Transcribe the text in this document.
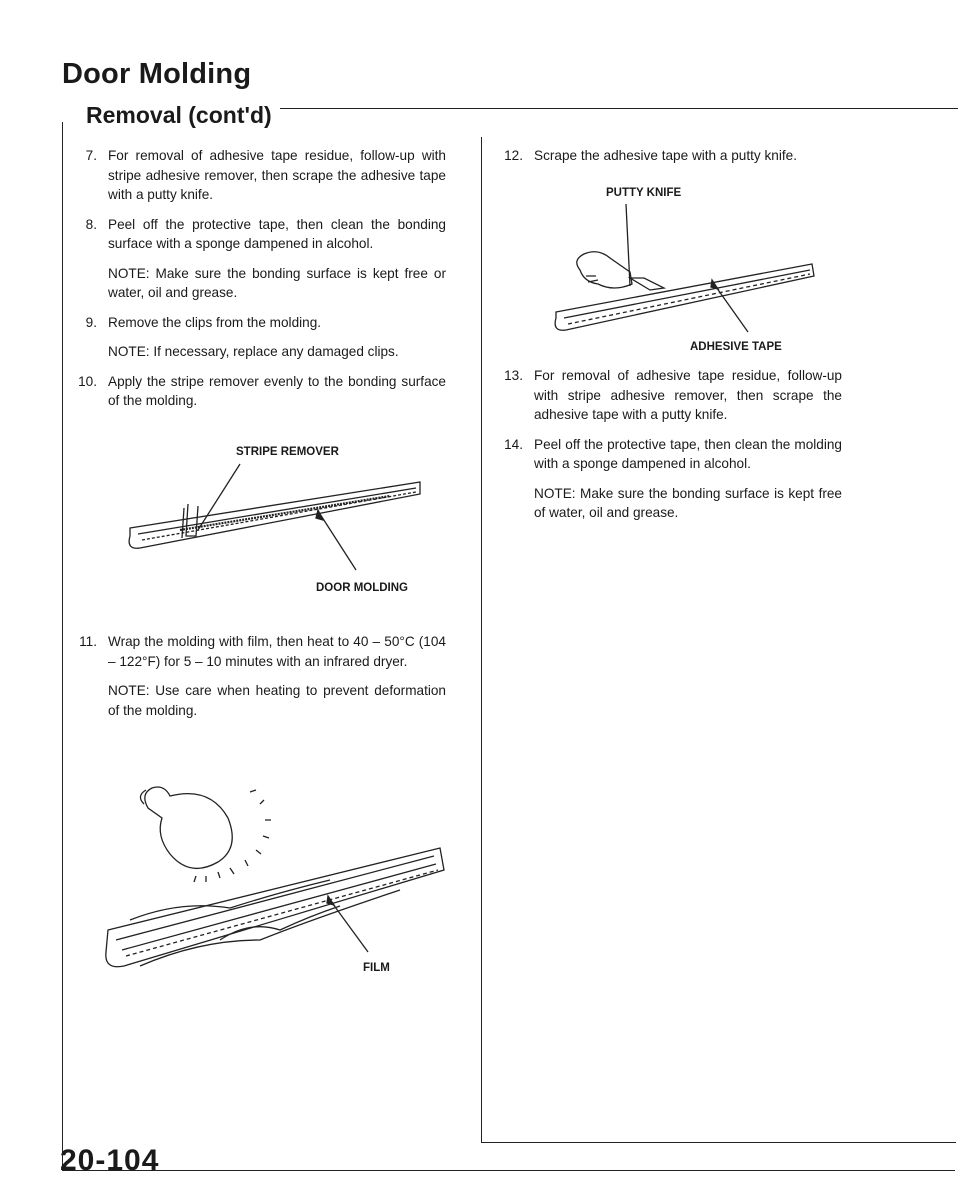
Door Molding
Removal (cont'd)
7. For removal of adhesive tape residue, follow-up with stripe adhesive remover, then scrape the adhesive tape with a putty knife.
8. Peel off the protective tape, then clean the bonding surface with a sponge dampened in alcohol.
NOTE: Make sure the bonding surface is kept free or water, oil and grease.
9. Remove the clips from the molding.
NOTE: If necessary, replace any damaged clips.
10. Apply the stripe remover evenly to the bonding surface of the molding.
STRIPE REMOVER
DOOR MOLDING
11. Wrap the molding with film, then heat to 40 – 50°C (104 – 122°F) for 5 – 10 minutes with an infrared dryer.
NOTE: Use care when heating to prevent deformation of the molding.
FILM
12. Scrape the adhesive tape with a putty knife.
PUTTY KNIFE
ADHESIVE TAPE
13. For removal of adhesive tape residue, follow-up with stripe adhesive remover, then scrape the adhesive tape with a putty knife.
14. Peel off the protective tape, then clean the molding with a sponge dampened in alcohol.
NOTE: Make sure the bonding surface is kept free of water, oil and grease.
20-104
